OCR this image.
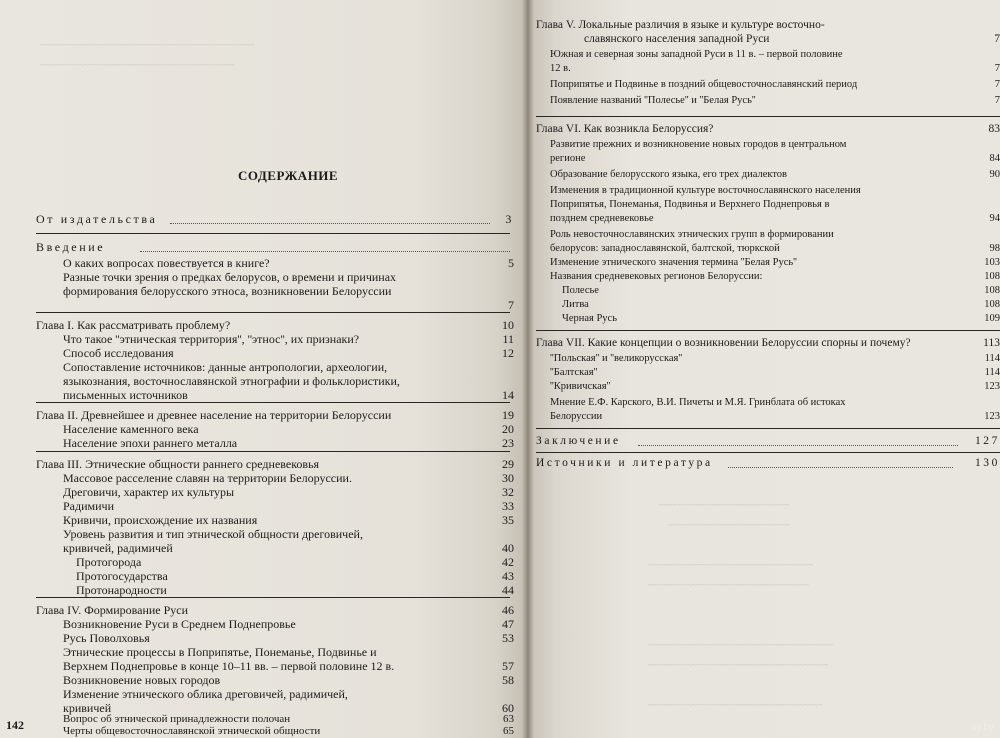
~~~~~~~~~~~~~~~~~~~~~~~~~~~~~~~~~~~~~~~~~~~~
~~~~~~~~~~~~~~~~~~~~~~~~~~~~~~~~~~~~~~~~
СОДЕРЖАНИЕ
От издательства	3
Введение
О каких вопросах повествуется в книге?	5
Разные точки зрения о предках белорусов, о времени и причинах
формирования белорусского этноса, возникновении Белоруссии
7
Глава I. Как рассматривать проблему?	10
Что такое ''этническая территория'', ''этнос'', их признаки?	11
Способ исследования	12
Сопоставление источников: данные антропологии, археологии,
языкознания, восточнославянской этнографии и фольклористики,
письменных источников	14
Глава II. Древнейшее и древнее население на территории Белоруссии	19
Население каменного века	20
Население эпохи раннего металла	23
Глава III. Этнические общности раннего средневековья	29
Массовое расселение славян на территории Белоруссии.	30
Дреговичи, характер их культуры	32
Радимичи	33
Кривичи, происхождение их названия	35
Уровень развития и тип этнической общности дреговичей,
кривичей, радимичей	40
Протогорода	42
Протогосударства	43
Протонародности	44
Глава IV. Формирование Руси	46
Возникновение Руси в Среднем Поднепровье	47
Русь Поволховья	53
Этнические процессы в Поприпятье, Понеманье, Подвинье и
Верхнем Поднепровье в конце 10–11 вв. – первой половине 12 в.	57
Возникновение новых городов	58
Изменение этнического облика дреговичей, радимичей,
кривичей	60
Вопрос об этнической принадлежности полочан	63
Черты общевосточнославянской этнической общности	65
142
Глава V. Локальные различия в языке и культуре восточно-
славянского населения западной Руси	7
Южная и северная зоны западной Руси в 11 в. – первой половине
12 в.	7
Поприпятье и Подвинье в поздний общевосточнославянский период	7
Появление названий ''Полесье'' и ''Белая Русь''	7
Глава VI. Как возникла Белоруссия?	83
Развитие прежних и возникновение новых городов в центральном
регионе	84
Образование белорусского языка, его трех диалектов	90
Изменения в традиционной культуре восточнославянского населения
Поприпятья, Понеманья, Подвинья и Верхнего Поднепровья в
позднем средневековье	94
Роль невосточнославянских этнических групп в формировании
белорусов: западнославянской, балтской, тюркской	98
Изменение этнического значения термина ''Белая Русь''	103
Названия средневековых регионов Белоруссии:	108
Полесье	108
Литва	108
Черная Русь	109
Глава VII. Какие концепции о возникновении Белоруссии спорны и почему?	113
''Польская'' и ''великорусская''	114
''Балтская''	114
''Кривичская''	123
Мнение Е.Ф. Карского, В.И. Пичеты и М.Я. Гринблата об истоках
Белоруссии	123
Заключение	127
Источники и литература	130
~~~~~~~~~~~~~~~~~~~~~~~~~~~
~~~~~~~~~~~~~~~~~~~~~~~~~
~~~~~~~~~~~~~~~~~~~~~~~~~~~~~~~~~~
~~~~~~~~~~~~~~~~~~~~~~~~~~~~~~~~~
~~~~~~~~~~~~~~~~~~~~~~~~~~~~~~~~~~~~~~
~~~~~~~~~~~~~~~~~~~~~~~~~~~~~~~~~~~~~
~~~~~~~~~~~~~~~~~~~~~~~~~~~~~~~~~~~~
ay.by
